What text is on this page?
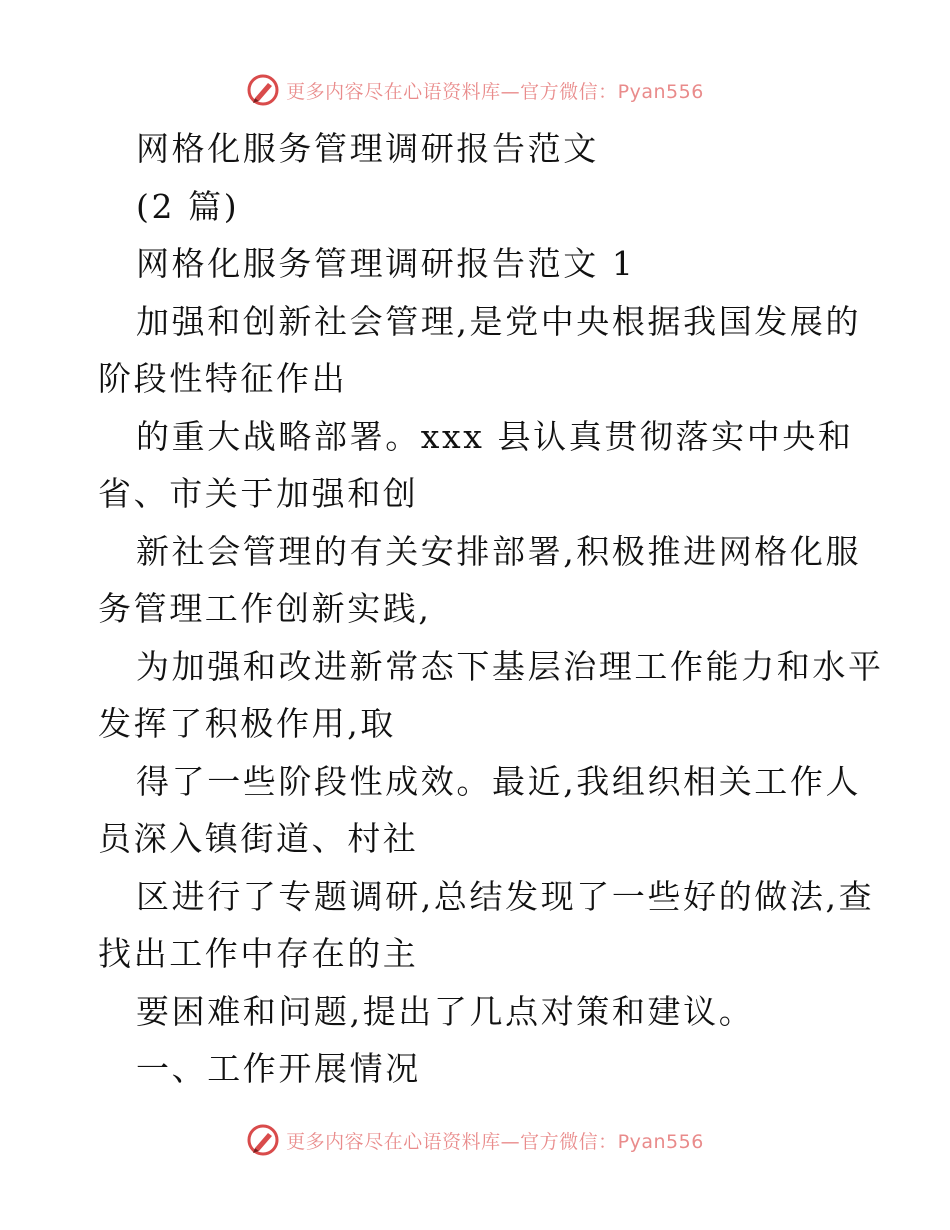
更多内容尽在心语资料库—官方微信：Pyan556
网格化服务管理调研报告范文
(2 篇)
网格化服务管理调研报告范文 1
加强和创新社会管理,是党中央根据我国发展的
阶段性特征作出
的重大战略部署。xxx 县认真贯彻落实中央和
省、市关于加强和创
新社会管理的有关安排部署,积极推进网格化服
务管理工作创新实践,
为加强和改进新常态下基层治理工作能力和水平
发挥了积极作用,取
得了一些阶段性成效。最近,我组织相关工作人
员深入镇街道、村社
区进行了专题调研,总结发现了一些好的做法,查
找出工作中存在的主
要困难和问题,提出了几点对策和建议。
一、工作开展情况
更多内容尽在心语资料库—官方微信：Pyan556
